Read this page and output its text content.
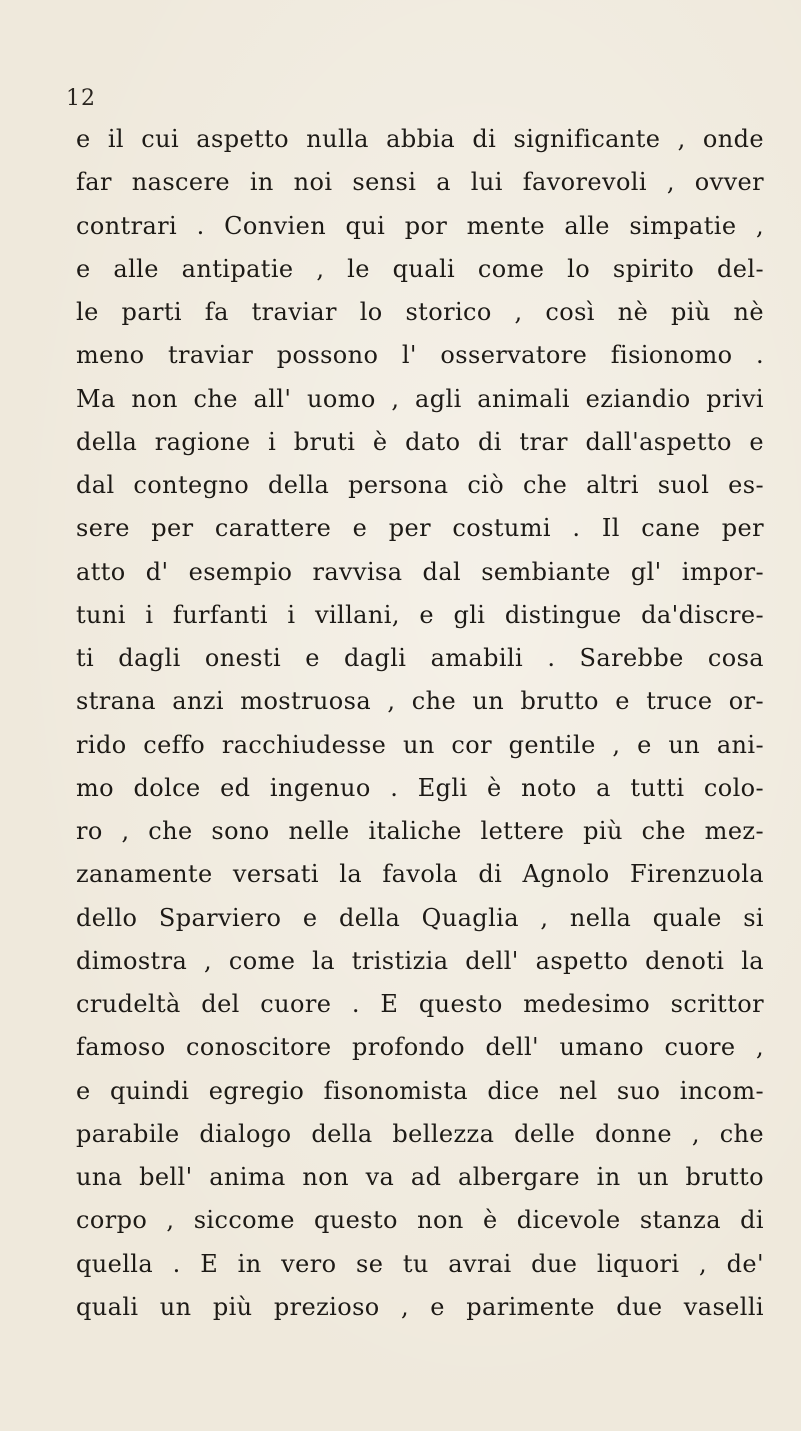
12
e il cui aspetto nulla abbia di significante , onde
far nascere in noi sensi a lui favorevoli , ovver
contrari . Convien qui por mente alle simpatie ,
e alle antipatie , le quali come lo spirito del-
le parti fa traviar lo storico , così nè più nè
meno traviar possono l' osservatore fisionomo .
Ma non che all' uomo , agli animali eziandio privi
della ragione i bruti è dato di trar dall'aspetto e
dal contegno della persona ciò che altri suol es-
sere per carattere e per costumi . Il cane per
atto d' esempio ravvisa dal sembiante gl' impor-
tuni i furfanti i villani, e gli distingue da'discre-
ti dagli onesti e dagli amabili . Sarebbe cosa
strana anzi mostruosa , che un brutto e truce or-
rido ceffo racchiudesse un cor gentile , e un ani-
mo dolce ed ingenuo . Egli è noto a tutti colo-
ro , che sono nelle italiche lettere più che mez-
zanamente versati la favola di Agnolo Firenzuola
dello Sparviero e della Quaglia , nella quale si
dimostra , come la tristizia dell' aspetto denoti la
crudeltà del cuore . E questo medesimo scrittor
famoso conoscitore profondo dell' umano cuore ,
e quindi egregio fisonomista dice nel suo incom-
parabile dialogo della bellezza delle donne , che
una bell' anima non va ad albergare in un brutto
corpo , siccome questo non è dicevole stanza di
quella . E in vero se tu avrai due liquori , de'
quali un più prezioso , e parimente due vaselli
